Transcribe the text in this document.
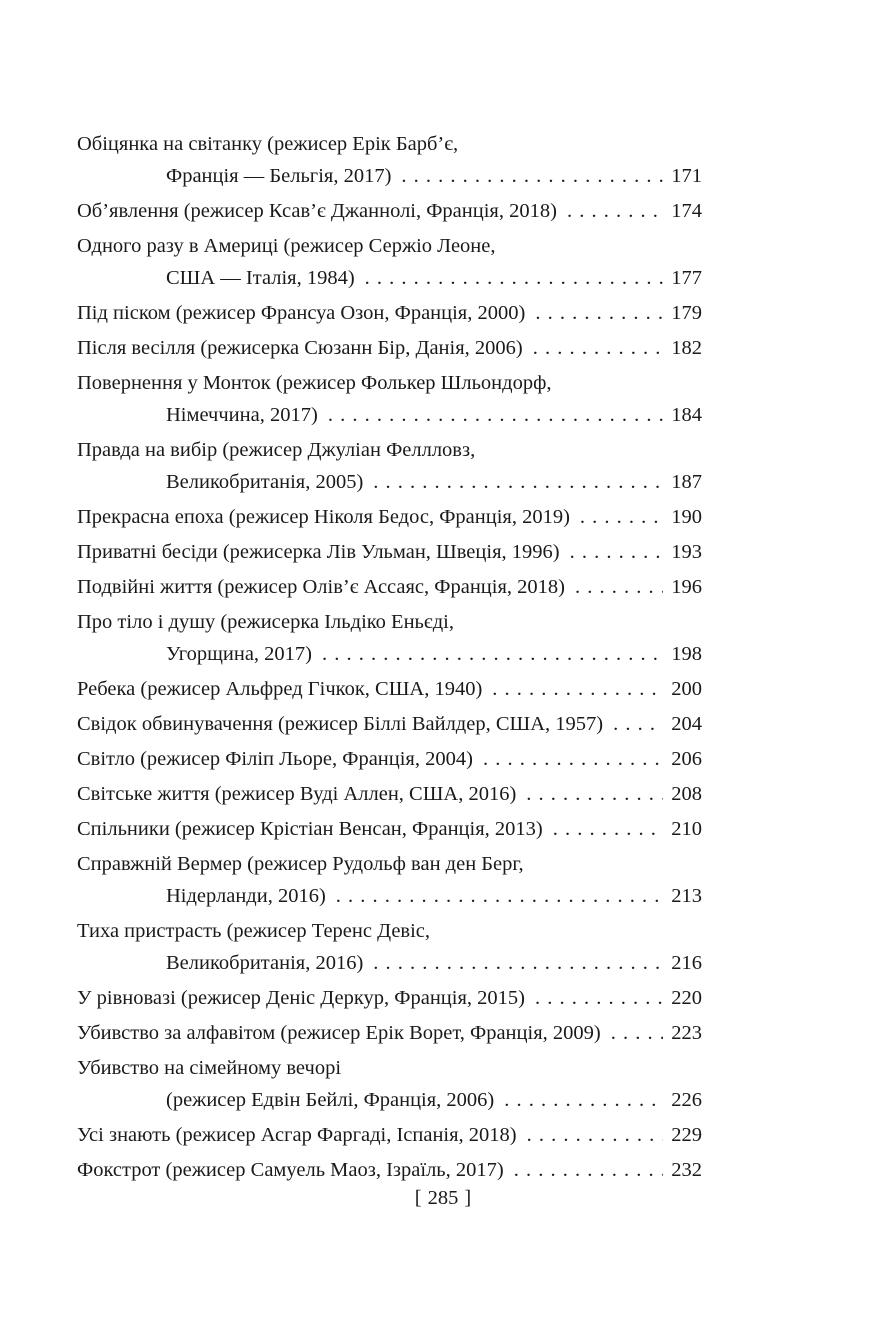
Обіцянка на світанку (режисер Ерік Барб’є,
Франція — Бельгія, 2017) . . .	171
Об’явлення (режисер Ксав’є Джаннолі, Франція, 2018) . . .	174
Одного разу в Америці (режисер Сержіо Леоне,
США — Італія, 1984) . . .	177
Під піском (режисер Франсуа Озон, Франція, 2000) . . .	179
Після весілля (режисерка Сюзанн Бір, Данія, 2006) . . .	182
Повернення у Монток (режисер Фолькер Шльондорф,
Німеччина, 2017) . . .	184
Правда на вибір (режисер Джуліан Феллловз,
Великобританія, 2005) . . .	187
Прекрасна епоха (режисер Ніколя Бедос, Франція, 2019) . . .	190
Приватні бесіди (режисерка Лів Ульман, Швеція, 1996) . . .	193
Подвійні життя (режисер Олів’є Ассаяс, Франція, 2018) . . .	196
Про тіло і душу (режисерка Ільдіко Еньєді,
Угорщина, 2017) . . .	198
Ребека (режисер Альфред Гічкок, США, 1940) . . .	200
Свідок обвинувачення (режисер Біллі Вайлдер, США, 1957) . . .	204
Світло (режисер Філіп Льоре, Франція, 2004) . . .	206
Світське життя (режисер Вуді Аллен, США, 2016) . . .	208
Спільники (режисер Крістіан Венсан, Франція, 2013) . . .	210
Справжній Вермер (режисер Рудольф ван ден Берг,
Нідерланди, 2016) . . .	213
Тиха пристрасть (режисер Теренс Девіс,
Великобританія, 2016) . . .	216
У рівновазі (режисер Деніс Деркур, Франція, 2015) . . .	220
Убивство за алфавітом (режисер Ерік Ворет, Франція, 2009) . . .	223
Убивство на сімейному вечорі
(режисер Едвін Бейлі, Франція, 2006) . . .	226
Усі знають (режисер Асгар Фаргаді, Іспанія, 2018) . . .	229
Фокстрот (режисер Самуель Маоз, Ізраїль, 2017) . . .	232
[ 285 ]
